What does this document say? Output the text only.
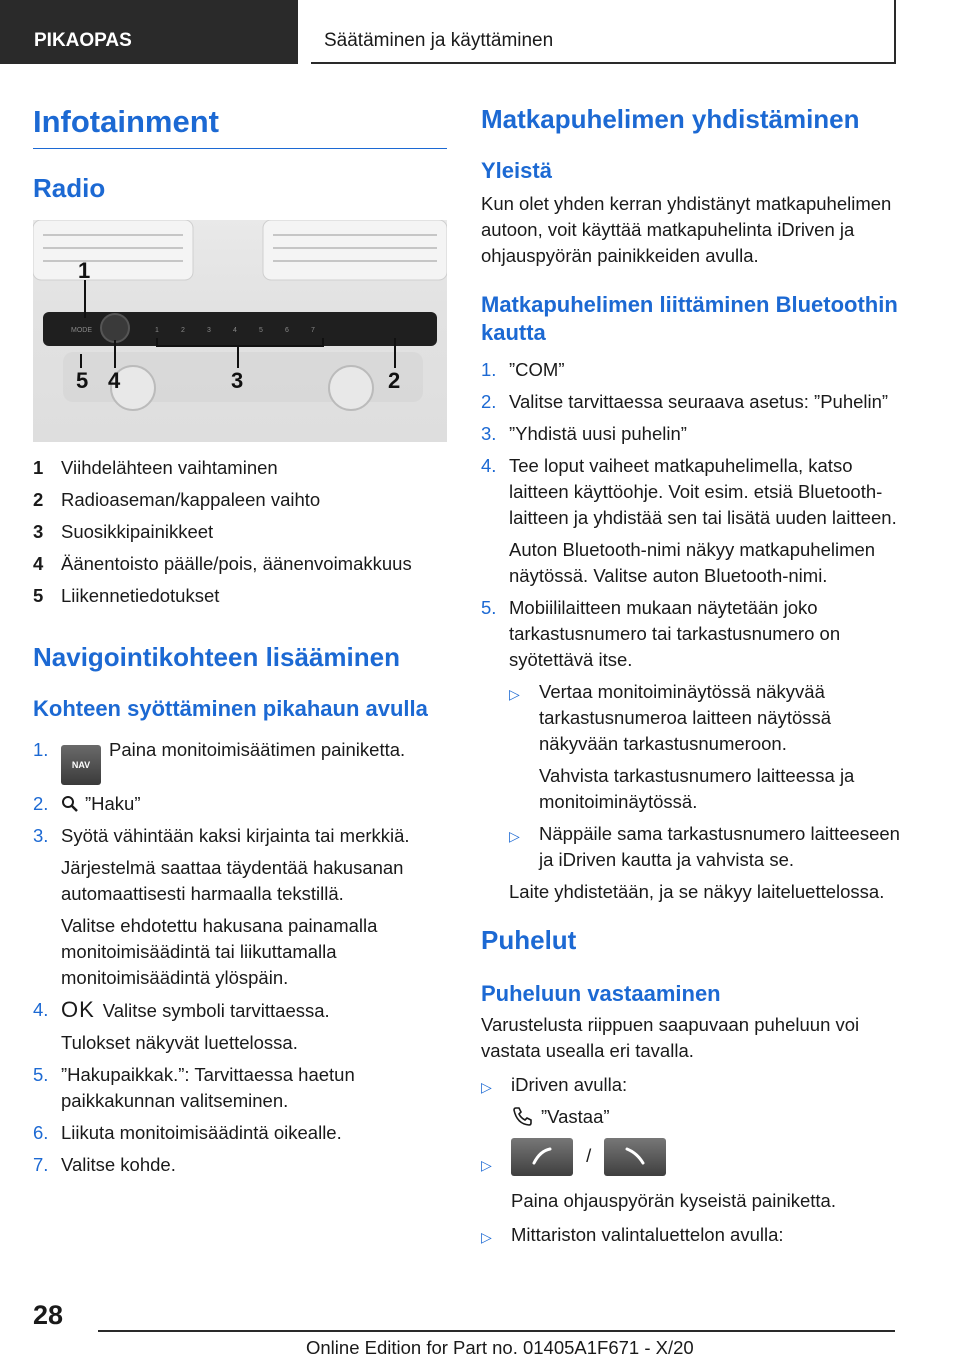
PIKAOPAS	Säätäminen ja käyttäminen
Infotainment
Radio
MODE	1	2	3	4	5	6	7
1
5 4	3	2
1 Viihdelähteen vaihtaminen
2 Radioaseman/kappaleen vaihto
3 Suosikkipainikkeet
4 Äänentoisto päälle/pois, äänenvoimakkuus
5 Liikennetiedotukset
Navigointikohteen lisääminen
Kohteen syöttäminen pikahaun avulla
1.
NAVPaina monitoimisäätimen painiketta.
2.	”Haku”
3. Syötä vähintään kaksi kirjainta tai merkkiä.
Järjestelmä saattaa täydentää hakusanan automaattisesti harmaalla tekstillä.
Valitse ehdotettu hakusana painamalla monitoimisäädintä tai liikuttamalla monitoimisäädintä ylöspäin.
4. OK Valitse symboli tarvittaessa.
Tulokset näkyvät luettelossa.
5. ”Hakupaikkak.”: Tarvittaessa haetun paikkakunnan valitseminen.
6. Liikuta monitoimisäädintä oikealle.
7. Valitse kohde.
Matkapuhelimen yhdistäminen
Yleistä

Kun olet yhden kerran yhdistänyt matkapuhelimen autoon, voit käyttää matkapuhelinta iDriven ja ohjauspyörän painikkeiden avulla.

Matkapuhelimen liittäminen Bluetoothin kautta
1. ”COM”
2. Valitse tarvittaessa seuraava asetus: ”Puhelin”
3. ”Yhdistä uusi puhelin”
4. Tee loput vaiheet matkapuhelimella, katso laitteen käyttöohje. Voit esim. etsiä Bluetooth-laitteen ja yhdistää sen tai lisätä uuden laitteen.
Auton Bluetooth-nimi näkyy matkapuhelimen näytössä. Valitse auton Bluetooth-nimi.
5. Mobiililaitteen mukaan näytetään joko tarkastusnumero tai tarkastusnumero on syötettävä itse.
▷	Vertaa monitoiminäytössä näkyvää tarkastusnumeroa laitteen näytössä näkyvään tarkastusnumeroon.
Vahvista tarkastusnumero laitteessa ja monitoiminäytössä.
▷	Näppäile sama tarkastusnumero laitteeseen ja iDriven kautta ja vahvista se.
Laite yhdistetään, ja se näkyy laiteluettelossa.
Puhelut
Puheluun vastaaminen

Varustelusta riippuen saapuvaan puheluun voi vastata usealla eri tavalla.

▷	iDriven avulla:
”Vastaa”
▷	/
Paina ohjauspyörän kyseistä painiketta.
▷	Mittariston valintaluettelon avulla:
28
Online Edition for Part no. 01405A1F671 - X/20
